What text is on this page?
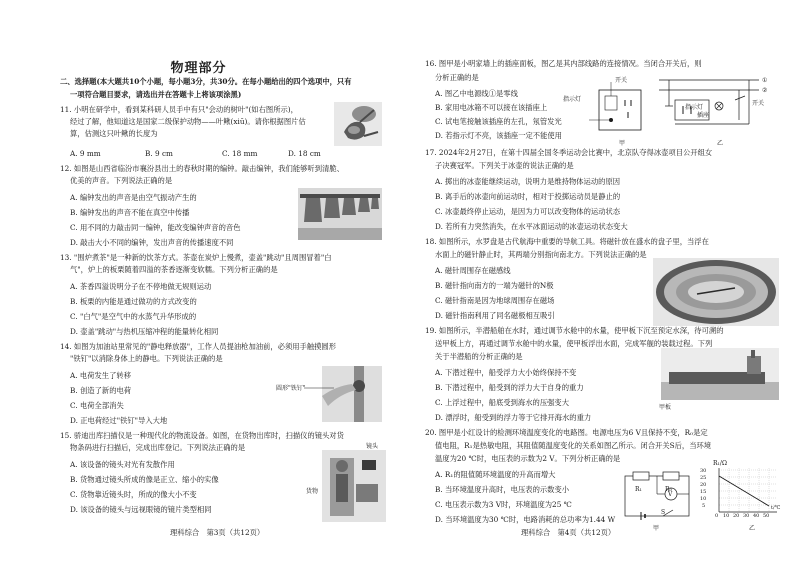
物理部分
二、选择题(本大题共10个小题，每小题3分，共30分。在每小题给出的四个选项中，只有
一项符合题目要求，请选出并在答题卡上将该项涂黑)
11. 小明在研学中，看到某科研人员手中有只"会动的树叶"(如右图所示)，
经过了解，他知道这是国家二级保护动物——叶鳅(xiū)。请你根据图片估
算，估测这只叶鳅的长度为
A. 9 mm	B. 9 cm	C. 18 mm	D. 18 cm
12. 如图是山西省临汾市襄汾县出土的春秋时期的编钟。敲击编钟，我们能够听到清脆、
优美的声音。下列说法正确的是
A. 编钟发出的声音是由空气振动产生的
B. 编钟发出的声音不能在真空中传播
C. 用不同的力敲击同一编钟，能改变编钟声音的音色
D. 敲击大小不同的编钟，发出声音的传播速度不同
13. "围炉煮茶"是一种新的饮茶方式。茶壶在炭炉上慢煮，壶盖"跳动"且周围冒着"白
气"，炉上的板栗随着四溢的茶香逐渐变软糯。下列分析正确的是
A. 茶香四溢说明分子在不停地做无规则运动
B. 板栗的内能是通过做功的方式改变的
C. "白气"是空气中的水蒸气升华形成的
D. 壶盖"跳动"与热机压缩冲程的能量转化相同
14. 如图为加油站里常见的"静电释放器"，工作人员提油枪加油前，必须用手触摸圆形
"铁钉"以消除身体上的静电。下列说法正确的是
A. 电荷发生了转移
B. 创造了新的电荷
C. 电荷全部消失
D. 正电荷经过"铁钉"导入大地
圆形"铁钉"
15. 骄迪出库扫描仪是一种现代化的物流设备。如图，在货物出库时，扫描仪的镜头对货
物条码进行扫描后，完成出库登记。下列说法正确的是
A. 该设备的镜头对光有发散作用
B. 货物通过镜头所成的像是正立、缩小的实像
C. 货物靠近镜头时，所成的像大小不变
D. 该设备的镜头与远视眼镜的镜片类型相同
镜头
货物
理科综合　第3页（共12页）
16. 图甲是小明家墙上的插座面板，图乙是其内部线路的连接情况。当闭合开关后，则
分析正确的是
A. 图乙中电源线①是零线
B. 家用电冰箱不可以接在该插座上
C. 试电笔接触该插座的左孔，氖管发光
D. 若指示灯不亮，该插座一定不能使用
开关
指示灯
指示灯
插座
开关
①
②
甲	乙
17. 2024年2月27日，在第十四届全国冬季运动会比赛中，北京队夺得冰壶项目公开组女
子决赛冠军。下列关于冰壶的说法正确的是
A. 掷出的冰壶能继续运动，说明力是维持物体运动的原因
B. 离手后的冰壶向前运动时，相对于投掷运动员是静止的
C. 冰壶最终停止运动，是因为力可以改变物体的运动状态
D. 若所有力突然消失，在水平冰面运动的冰壶运动状态变大
18. 如图所示，水罗盘是古代航海中重要的导航工具。将磁针放在盛水的盘子里，当浮在
水面上的磁针静止时，其两端分别指向南北方。下列说法正确的是
A. 磁针周围存在磁感线
B. 磁针指向南方的一端为磁针的N极
C. 磁针指南是因为地球周围存在磁场
D. 磁针指南利用了同名磁极相互吸引
19. 如图所示，半潜船舶在水时，通过调节水舱中的水量，使甲板下沉至预定水深，待可溯的
送甲板上方，再通过调节水舱中的水量，使甲板浮出水面，完成军舰的装载过程。下列
关于半潜船的分析正确的是
A. 下潜过程中，船受浮力大小始终保持不变
B. 下潜过程中，船受到的浮力大于自身的重力
C. 上浮过程中，船底受到海水的压强变大
D. 漂浮时，船受到的浮力等于它排开海水的重力
甲板
20. 图甲是小红设计的检测环境温度变化的电路图。电源电压为6 V且保持不变，R₀是定
值电阻，R₁是热敏电阻，其阻值随温度变化的关系如图乙所示。闭合开关S后，当环境
温度为20 ℃时，电压表的示数为2 V。下列分析正确的是
A. R₁的阻值随环境温度的升高而增大
B. 当环境温度升高时，电压表的示数变小
C. 电压表示数为3 V时，环境温度为25 ℃
D. 当环境温度为30 ℃时，电路消耗的总功率为1.44 W
R₁	R₀
V
S
甲
R₁/Ω
30
25
20
15
10
5
0 10 20 30 40 50
t/℃
乙
理科综合　第4页（共12页）
